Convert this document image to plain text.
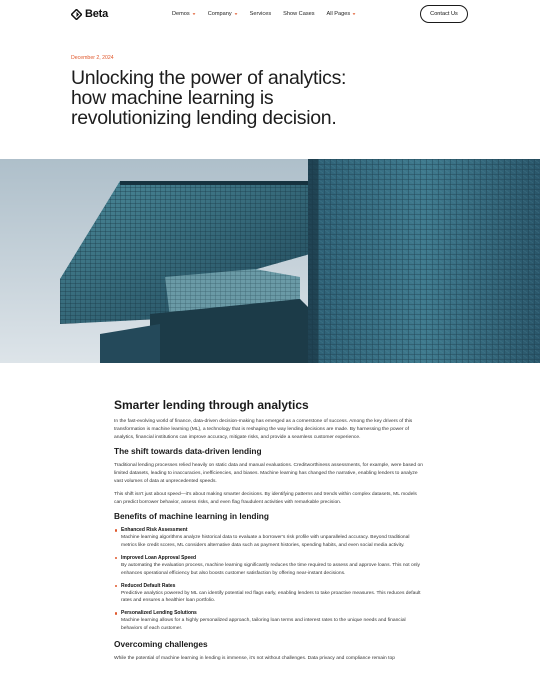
Beta	Demos	Company	Services Show Cases All Pages	Contact Us
December 2, 2024
Unlocking the power of analytics: how machine learning is revolutionizing lending decision.
Smarter lending through analytics

In the fast-evolving world of finance, data-driven decision-making has emerged as a cornerstone of success. Among the key drivers of this transformation is machine learning (ML), a technology that is reshaping the way lending decisions are made. By harnessing the power of analytics, financial institutions can improve accuracy, mitigate risks, and provide a seamless customer experience.

The shift towards data-driven lending

Traditional lending processes relied heavily on static data and manual evaluations. Creditworthiness assessments, for example, were based on limited datasets, leading to inaccuracies, inefficiencies, and biases. Machine learning has changed the narrative, enabling lenders to analyze vast volumes of data at unprecedented speeds.

This shift isn't just about speed—it's about making smarter decisions. By identifying patterns and trends within complex datasets, ML models can predict borrower behavior, assess risks, and even flag fraudulent activities with remarkable precision.

Benefits of machine learning in lending
Enhanced Risk Assessment
Machine learning algorithms analyze historical data to evaluate a borrower's risk profile with unparalleled accuracy. Beyond traditional metrics like credit scores, ML considers alternative data such as payment histories, spending habits, and even social media activity.
Improved Loan Approval Speed
By automating the evaluation process, machine learning significantly reduces the time required to assess and approve loans. This not only enhances operational efficiency but also boosts customer satisfaction by offering near-instant decisions.
Reduced Default Rates
Predictive analytics powered by ML can identify potential red flags early, enabling lenders to take proactive measures. This reduces default rates and ensures a healthier loan portfolio.
Personalized Lending Solutions
Machine learning allows for a highly personalized approach, tailoring loan terms and interest rates to the unique needs and financial behaviors of each customer.
Overcoming challenges

While the potential of machine learning in lending is immense, it's not without challenges. Data privacy and compliance remain top
